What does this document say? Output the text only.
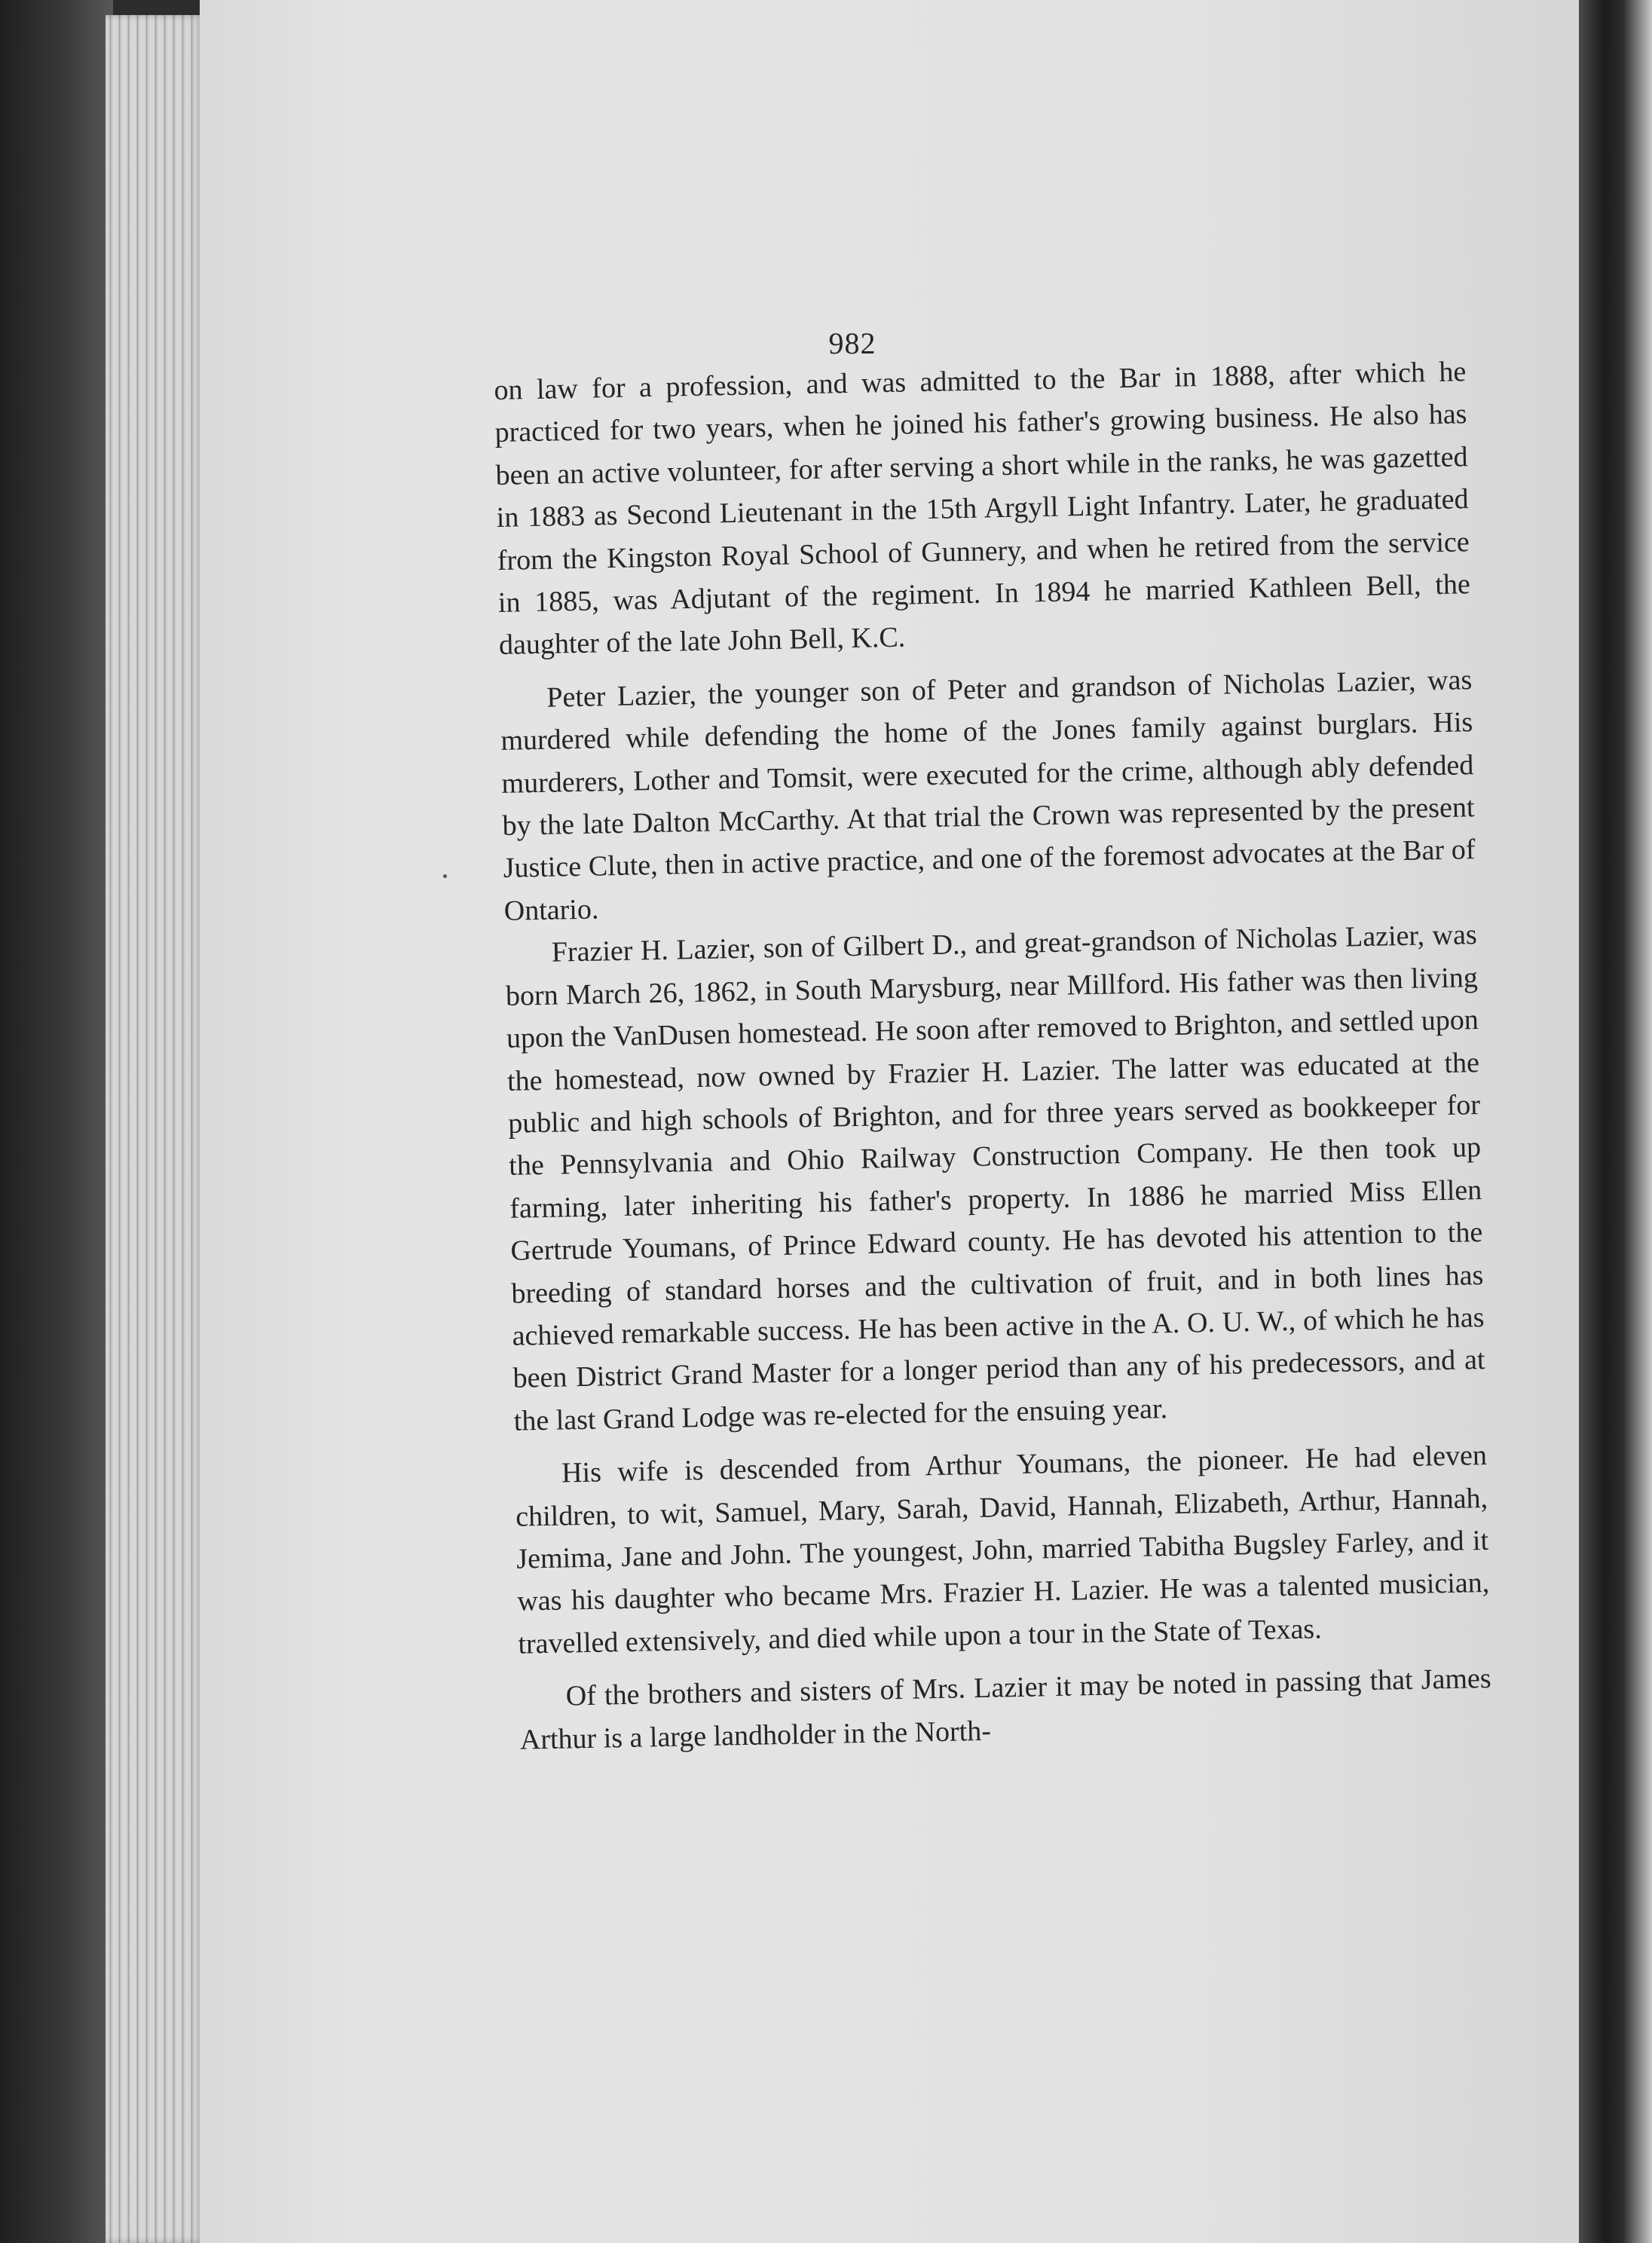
982

on law for a profession, and was admitted to the Bar in 1888, after which he practiced for two years, when he joined his father's growing business. He also has been an active volunteer, for after serving a short while in the ranks, he was gazetted in 1883 as Second Lieutenant in the 15th Argyll Light Infantry. Later, he graduated from the Kingston Royal School of Gunnery, and when he retired from the service in 1885, was Adjutant of the regiment. In 1894 he married Kathleen Bell, the daughter of the late John Bell, K.C.

Peter Lazier, the younger son of Peter and grandson of Nicholas Lazier, was murdered while defending the home of the Jones family against burglars. His murderers, Lother and Tomsit, were executed for the crime, although ably defended by the late Dalton McCarthy. At that trial the Crown was represented by the present Justice Clute, then in active practice, and one of the foremost advocates at the Bar of Ontario.

Frazier H. Lazier, son of Gilbert D., and great-grandson of Nicholas Lazier, was born March 26, 1862, in South Marysburg, near Millford. His father was then living upon the VanDusen homestead. He soon after removed to Brighton, and settled upon the homestead, now owned by Frazier H. Lazier. The latter was educated at the public and high schools of Brighton, and for three years served as bookkeeper for the Pennsylvania and Ohio Railway Construction Company. He then took up farming, later inheriting his father's property. In 1886 he married Miss Ellen Gertrude Youmans, of Prince Edward county. He has devoted his attention to the breeding of standard horses and the cultivation of fruit, and in both lines has achieved remarkable success. He has been active in the A. O. U. W., of which he has been District Grand Master for a longer period than any of his predecessors, and at the last Grand Lodge was re-elected for the ensuing year.

His wife is descended from Arthur Youmans, the pioneer. He had eleven children, to wit, Samuel, Mary, Sarah, David, Hannah, Elizabeth, Arthur, Hannah, Jemima, Jane and John. The youngest, John, married Tabitha Bugsley Farley, and it was his daughter who became Mrs. Frazier H. Lazier. He was a talented musician, travelled extensively, and died while upon a tour in the State of Texas.

Of the brothers and sisters of Mrs. Lazier it may be noted in passing that James Arthur is a large landholder in the North-
